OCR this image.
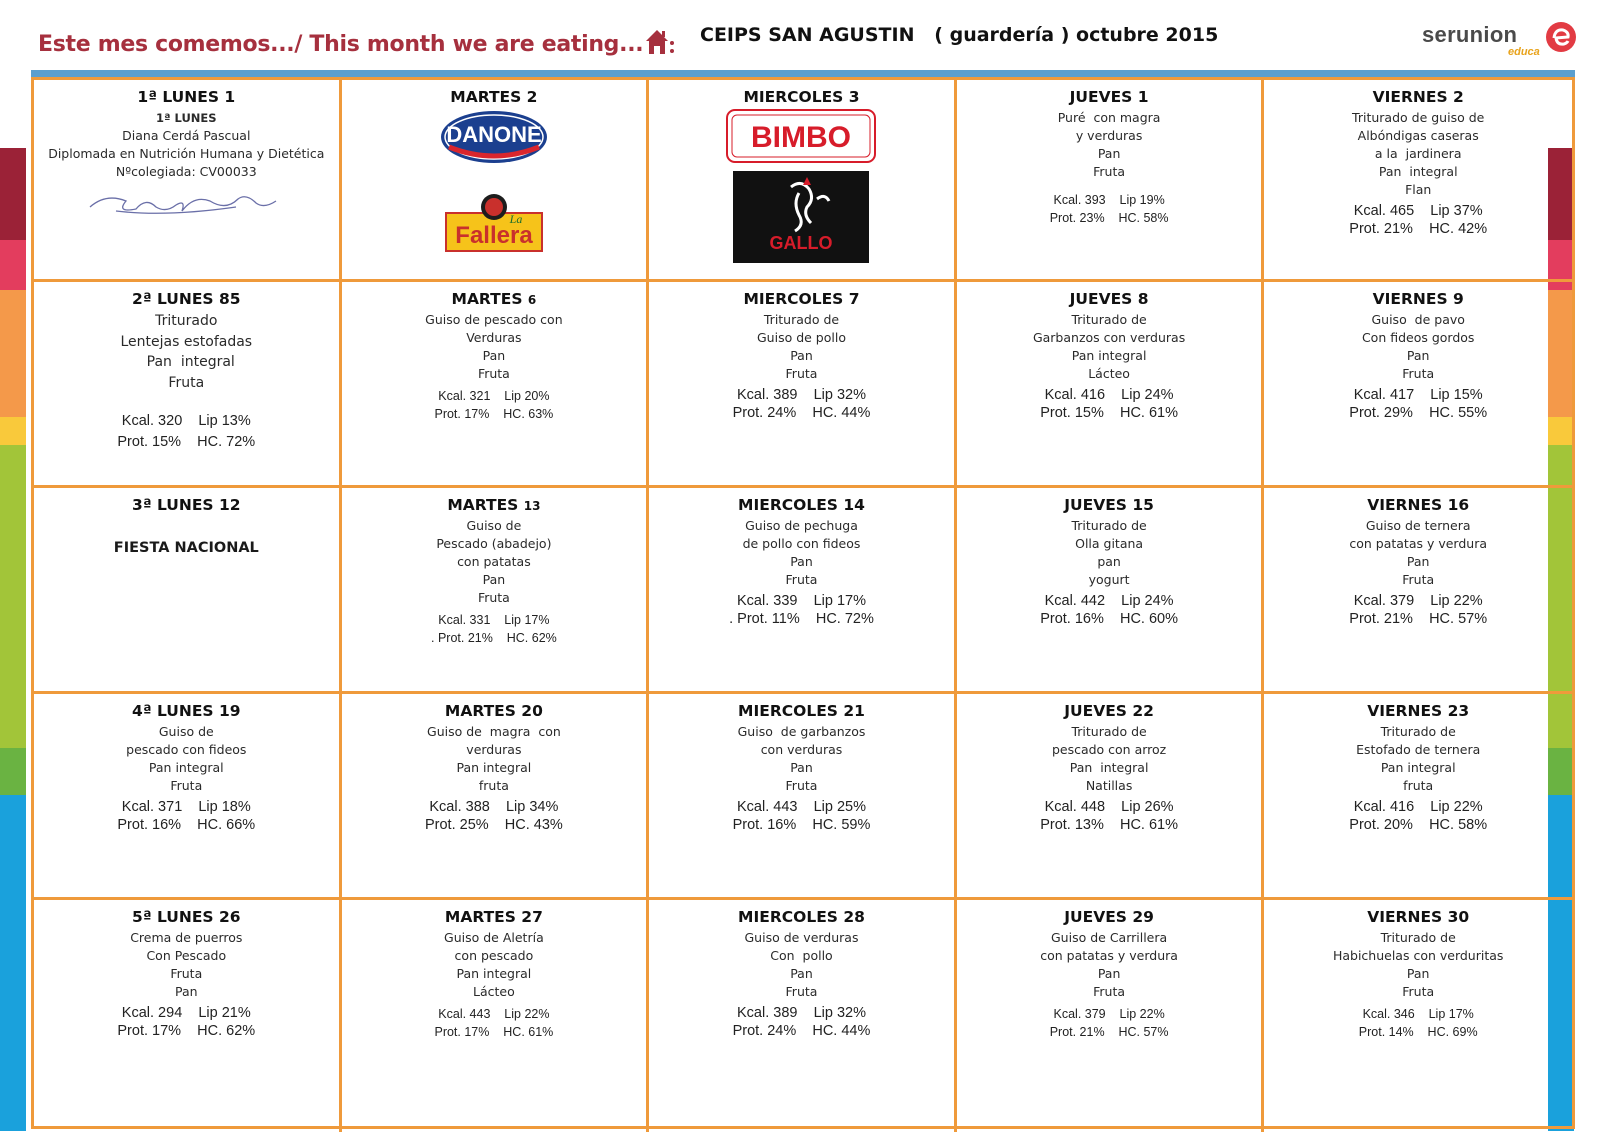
Este mes comemos.../ This month we are eating...	CEIPS SAN AGUSTIN   ( guardería ) octubre 2015	serunion
educa
1ª LUNES 1
1ª LUNES
Diana Cerdá Pascual
Diplomada en Nutrición Humana y Dietética
Nºcolegiada: CV00033
MARTES 2
DANONE
Fallera
La
MIERCOLES 3
BIMBO
GALLO
JUEVES 1
Puré  con magra
y verduras
Pan
Fruta
Kcal. 393    Lip 19%
Prot. 23%    HC. 58%
VIERNES 2
Triturado de guiso de
Albóndigas caseras
a la  jardinera
Pan  integral
Flan
Kcal. 465    Lip 37%
Prot. 21%    HC. 42%
2ª LUNES 85
Triturado
Lentejas estofadas
Pan  integral
Fruta
Kcal. 320    Lip 13%
Prot. 15%    HC. 72%
MARTES 6
Guiso de pescado con
Verduras
Pan
Fruta
Kcal. 321    Lip 20%
Prot. 17%    HC. 63%
MIERCOLES 7
Triturado de
Guiso de pollo
Pan
Fruta
Kcal. 389    Lip 32%
Prot. 24%    HC. 44%
JUEVES 8
Triturado de
Garbanzos con verduras
Pan integral
Lácteo
Kcal. 416    Lip 24%
Prot. 15%    HC. 61%
VIERNES 9
Guiso  de pavo
Con fideos gordos
Pan
Fruta
Kcal. 417    Lip 15%
Prot. 29%    HC. 55%
3ª LUNES 12
FIESTA NACIONAL
MARTES 13
Guiso de
Pescado (abadejo)
con patatas
Pan
Fruta
Kcal. 331    Lip 17%
. Prot. 21%    HC. 62%
MIERCOLES 14
Guiso de pechuga
de pollo con fideos
Pan
Fruta
Kcal. 339    Lip 17%
. Prot. 11%    HC. 72%
JUEVES 15
Triturado de
Olla gitana
pan
yogurt
Kcal. 442    Lip 24%
Prot. 16%    HC. 60%
VIERNES 16
Guiso de ternera
con patatas y verdura
Pan
Fruta
Kcal. 379    Lip 22%
Prot. 21%    HC. 57%
4ª LUNES 19
Guiso de
pescado con fideos
Pan integral
Fruta
Kcal. 371    Lip 18%
Prot. 16%    HC. 66%
MARTES 20
Guiso de  magra  con
verduras
Pan integral
fruta
Kcal. 388    Lip 34%
Prot. 25%    HC. 43%
MIERCOLES 21
Guiso  de garbanzos
con verduras
Pan
Fruta
Kcal. 443    Lip 25%
Prot. 16%    HC. 59%
JUEVES 22
Triturado de
pescado con arroz
Pan  integral
Natillas
Kcal. 448    Lip 26%
Prot. 13%    HC. 61%
VIERNES 23
Triturado de
Estofado de ternera
Pan integral
fruta
Kcal. 416    Lip 22%
Prot. 20%    HC. 58%
5ª LUNES 26
Crema de puerros
Con Pescado
Fruta
Pan
Kcal. 294    Lip 21%
Prot. 17%    HC. 62%
MARTES 27
Guiso de Aletría
con pescado
Pan integral
Lácteo
Kcal. 443    Lip 22%
Prot. 17%    HC. 61%
MIERCOLES 28
Guiso de verduras
Con  pollo
Pan
Fruta
Kcal. 389    Lip 32%
Prot. 24%    HC. 44%
JUEVES 29
Guiso de Carrillera
con patatas y verdura
Pan
Fruta
Kcal. 379    Lip 22%
Prot. 21%    HC. 57%
VIERNES 30
Triturado de
Habichuelas con verduritas
Pan
Fruta
Kcal. 346    Lip 17%
Prot. 14%    HC. 69%
